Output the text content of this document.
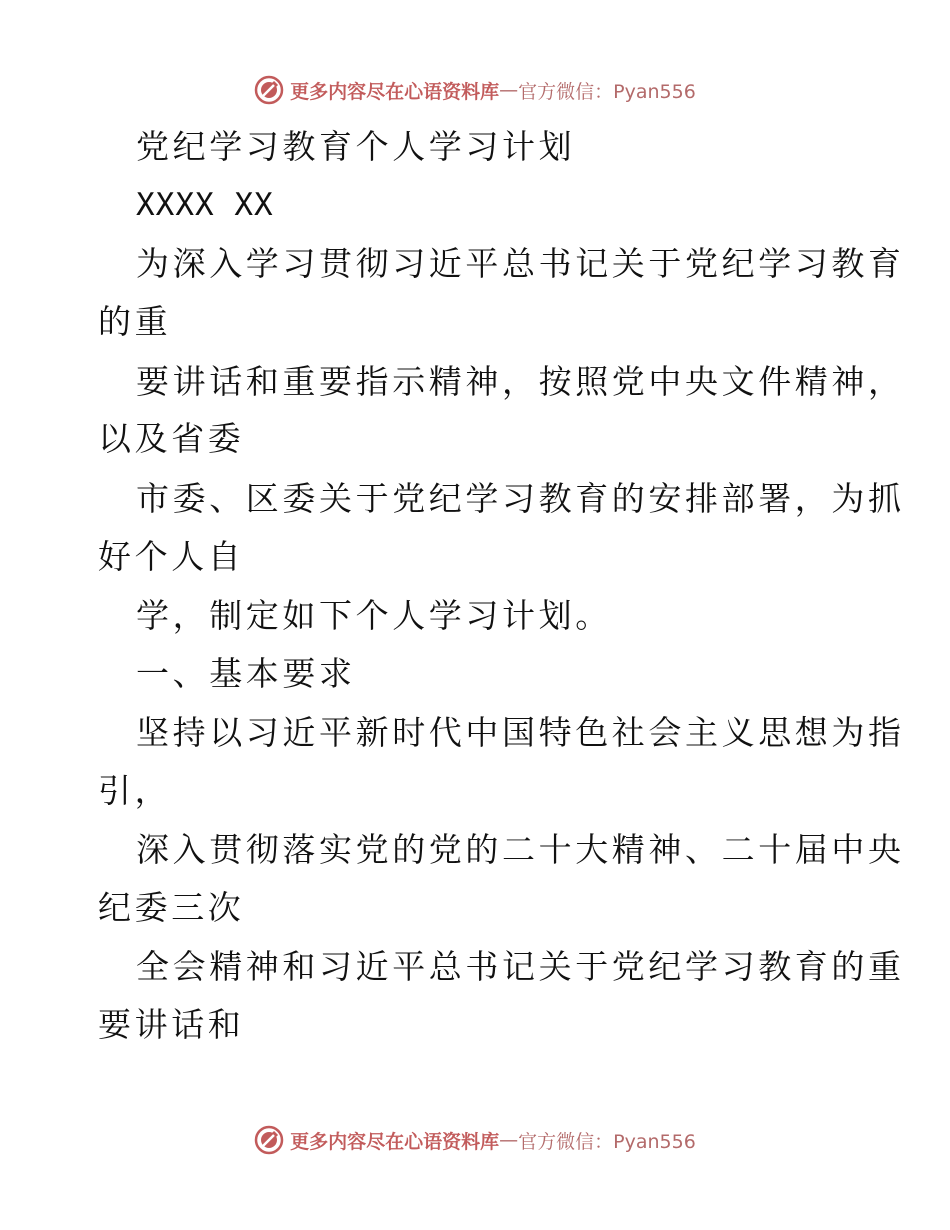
更多内容尽在心语资料库 — 官方微信：Pyan556
党纪学习教育个人学习计划
XXXX XX
为深入学习贯彻习近平总书记关于党纪学习教育
的重
要讲话和重要指示精神，按照党中央文件精神，
以及省委
市委、区委关于党纪学习教育的安排部署，为抓
好个人自
学，制定如下个人学习计划。
一、基本要求
坚持以习近平新时代中国特色社会主义思想为指
引，
深入贯彻落实党的党的二十大精神、二十届中央
纪委三次
全会精神和习近平总书记关于党纪学习教育的重
要讲话和
更多内容尽在心语资料库 — 官方微信：Pyan556
